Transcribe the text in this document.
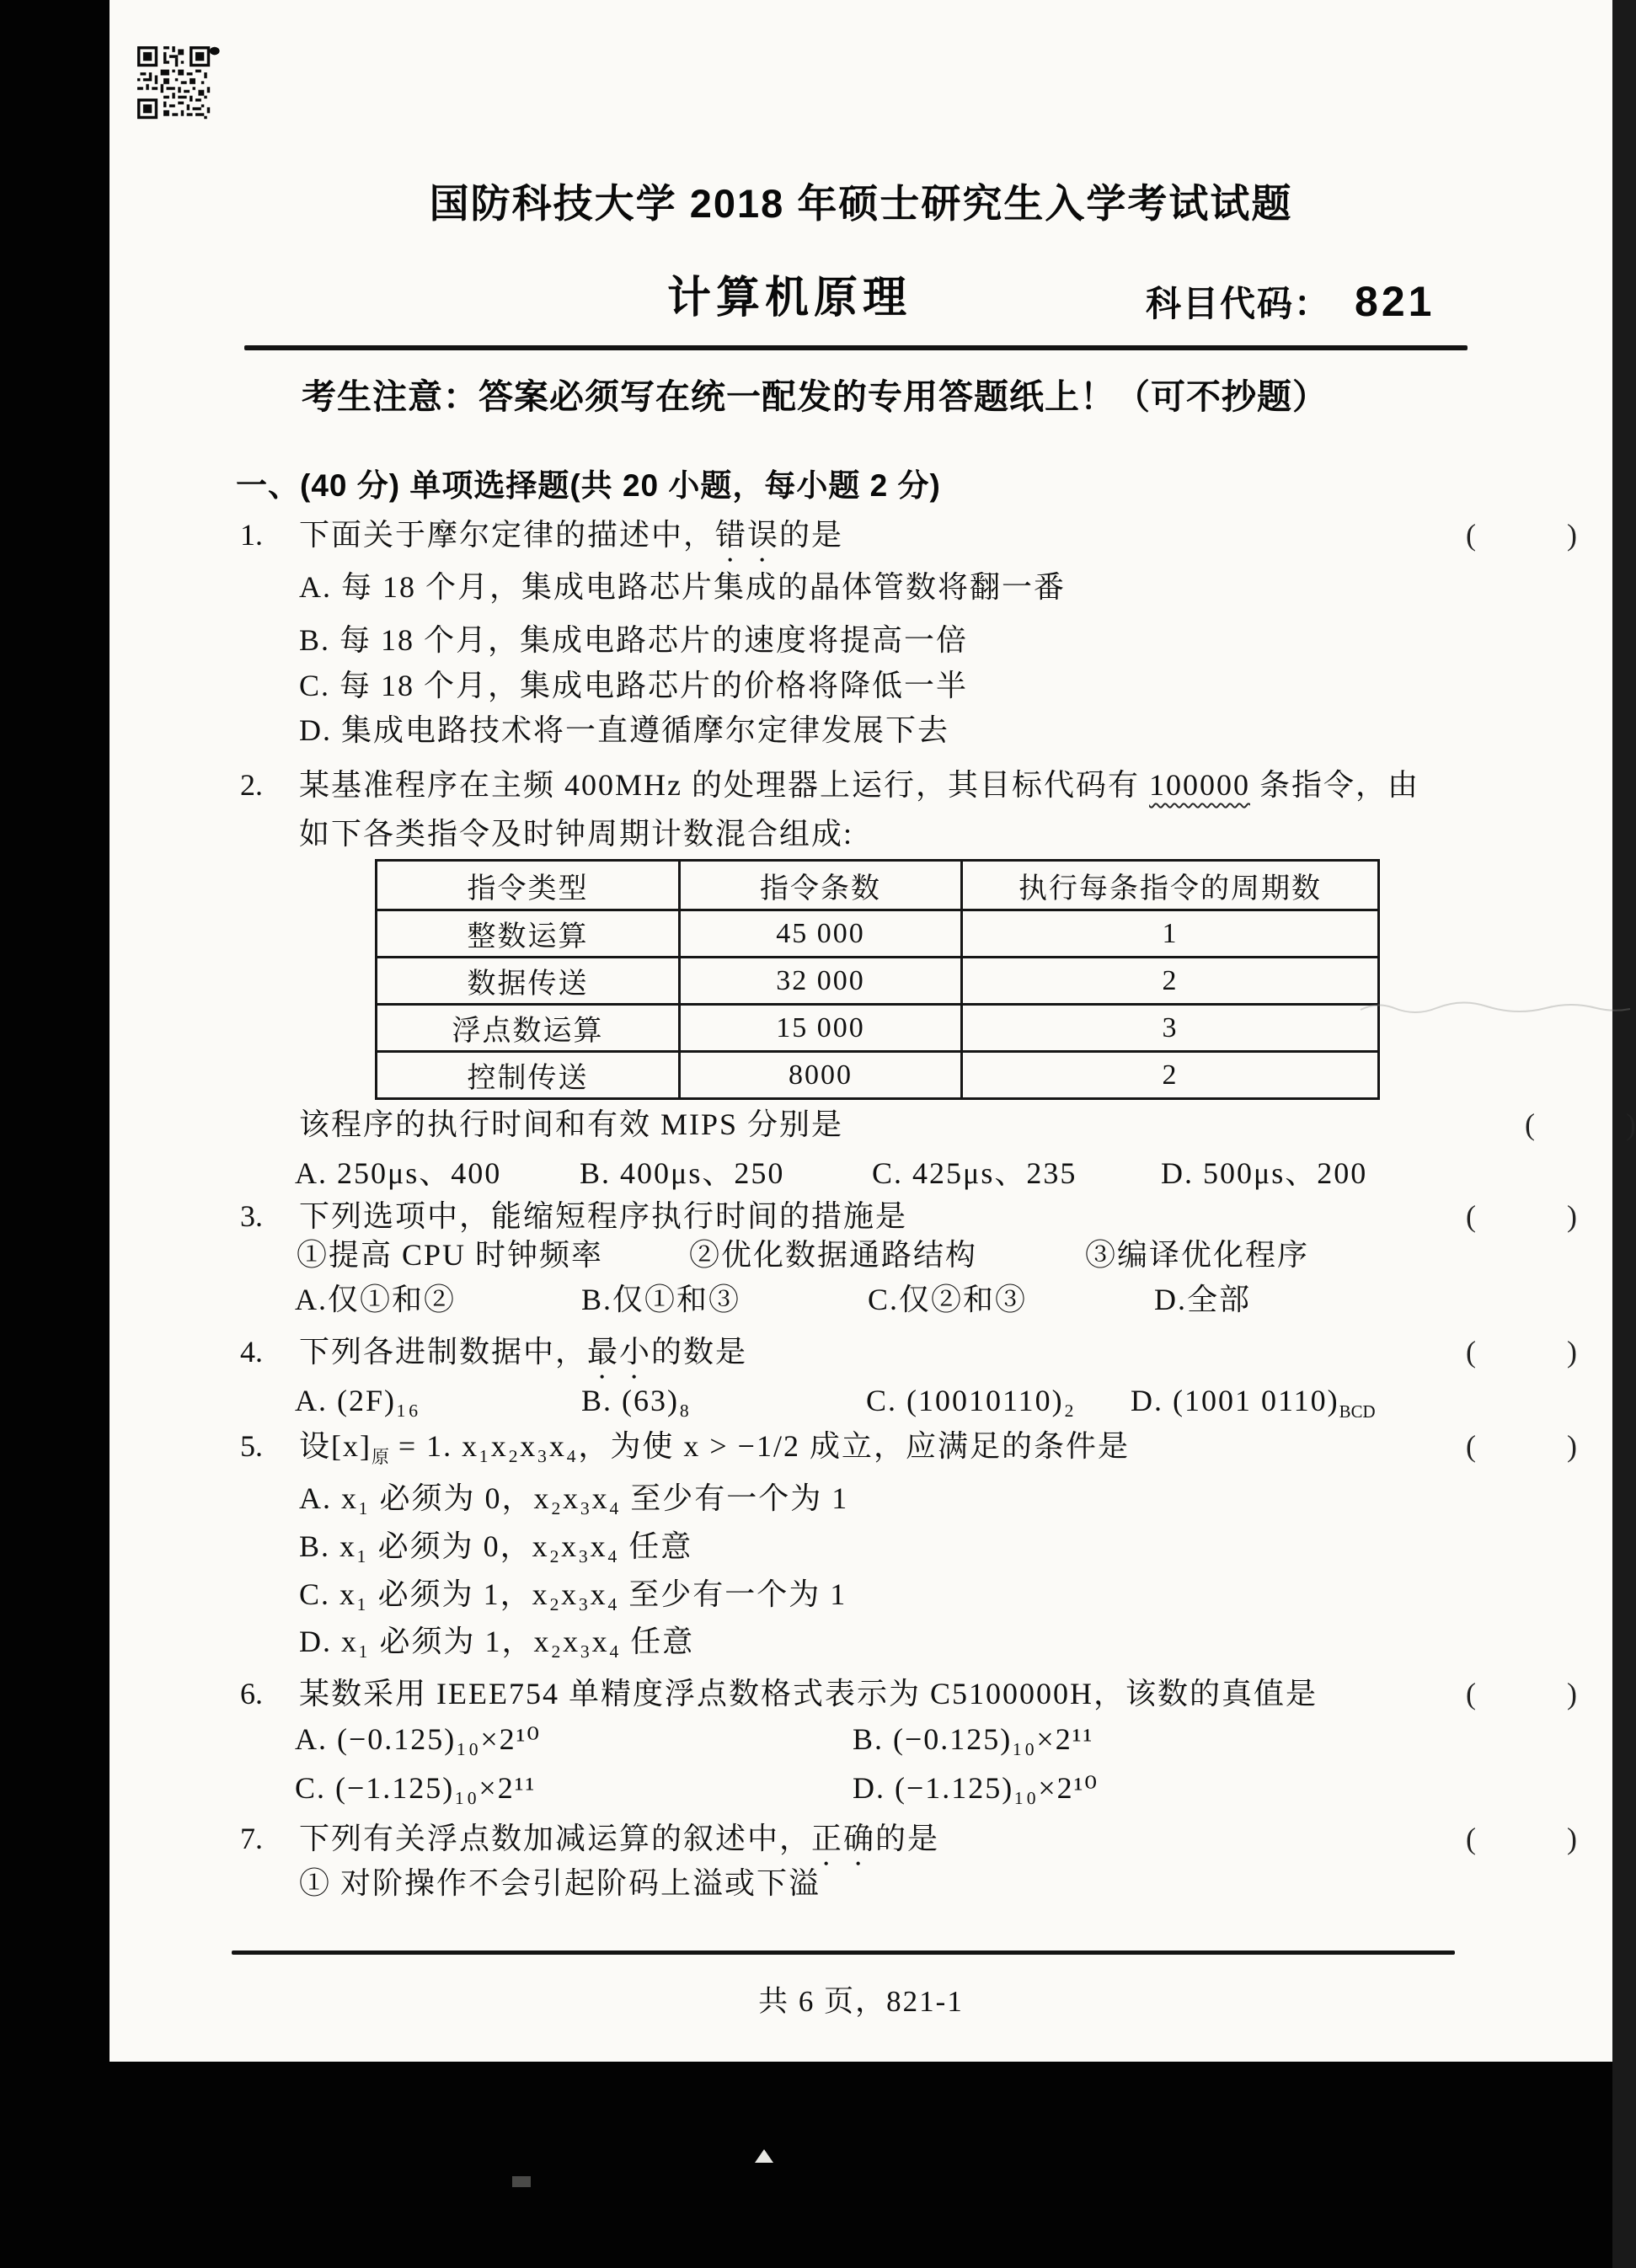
国防科技大学 2018 年硕士研究生入学考试试题
计算机原理	科目代码： 821
考生注意：答案必须写在统一配发的专用答题纸上！（可不抄题）
一、(40 分) 单项选择题(共 20 小题，每小题 2 分)
1. 下面关于摩尔定律的描述中，错误的是	(	)
A. 每 18 个月，集成电路芯片集成的晶体管数将翻一番
B. 每 18 个月，集成电路芯片的速度将提高一倍
C. 每 18 个月，集成电路芯片的价格将降低一半
D. 集成电路技术将一直遵循摩尔定律发展下去
2. 某基准程序在主频 400MHz 的处理器上运行，其目标代码有 100000 条指令，由
如下各类指令及时钟周期计数混合组成:
指令类型	指令条数	执行每条指令的周期数
整数运算	45 000	1
数据传送	32 000	2
浮点数运算	15 000	3
控制传送	8000	2
该程序的执行时间和有效 MIPS 分别是	(	)
A. 250μs、400	B. 400μs、250	C. 425μs、235	D. 500μs、200
3. 下列选项中，能缩短程序执行时间的措施是	(	)
①提高 CPU 时钟频率	②优化数据通路结构	③编译优化程序
A.仅①和②	B.仅①和③	C.仅②和③	D.全部
4. 下列各进制数据中，最小的数是	(	)
A. (2F)₁₆	B. (63)₈	C. (10010110)₂ D. (1001 $0110)_{BCD}$
5. 设$[x]_原 = 1$. x₁x₂x₃x₄，为使 x > −1/2 成立，应满足的条件是	(	)
A. x₁ 必须为 0，x₂x₃x₄ 至少有一个为 1
B. x₁ 必须为 0，x₂x₃x₄ 任意
C. x₁ 必须为 1，x₂x₃x₄ 至少有一个为 1
D. x₁ 必须为 1，x₂x₃x₄ 任意
6. 某数采用 IEEE754 单精度浮点数格式表示为 C5100000H，该数的真值是	(	)
A. (−0.125)₁₀×2¹⁰	B. (−0.125)₁₀×2¹¹
C. (−1.125)₁₀×2¹¹	D. (−1.125)₁₀×2¹⁰
7. 下列有关浮点数加减运算的叙述中，正确的是	(	)
① 对阶操作不会引起阶码上溢或下溢
共 6 页，821-1
